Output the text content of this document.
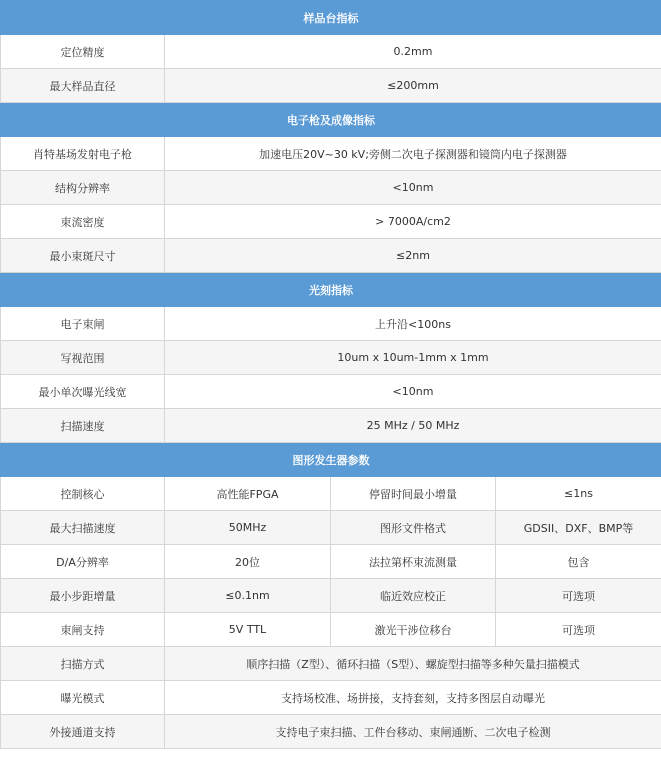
样品台指标			
定位精度	0.2mm		
最大样品直径	≤200mm		
电子枪及成像指标			
肖特基场发射电子枪	加速电压20V~30 kV;旁侧二次电子探测器和镜筒内电子探测器		
结构分辨率	<10nm		
束流密度	> 7000A/cm2		
最小束斑尺寸	≤2nm		
光刻指标			
电子束闸	上升沿<100ns		
写视范围	10um x 10um-1mm x 1mm		
最小单次曝光线宽	<10nm		
扫描速度	25 MHz / 50 MHz		
图形发生器参数			
控制核心	高性能FPGA	停留时间最小增量	≤1ns
最大扫描速度	50MHz	图形文件格式	GDSII、DXF、BMP等
D/A分辨率	20位	法拉第杯束流测量	包含
最小步距增量	≤0.1nm	临近效应校正	可选项
束闸支持	5V TTL	激光干涉位移台	可选项
扫描方式	顺序扫描（Z型）、循环扫描（S型）、螺旋型扫描等多种矢量扫描模式		
曝光模式	支持场校准、场拼接，支持套刻，支持多图层自动曝光		
外接通道支持	支持电子束扫描、工件台移动、束闸通断、二次电子检测		
